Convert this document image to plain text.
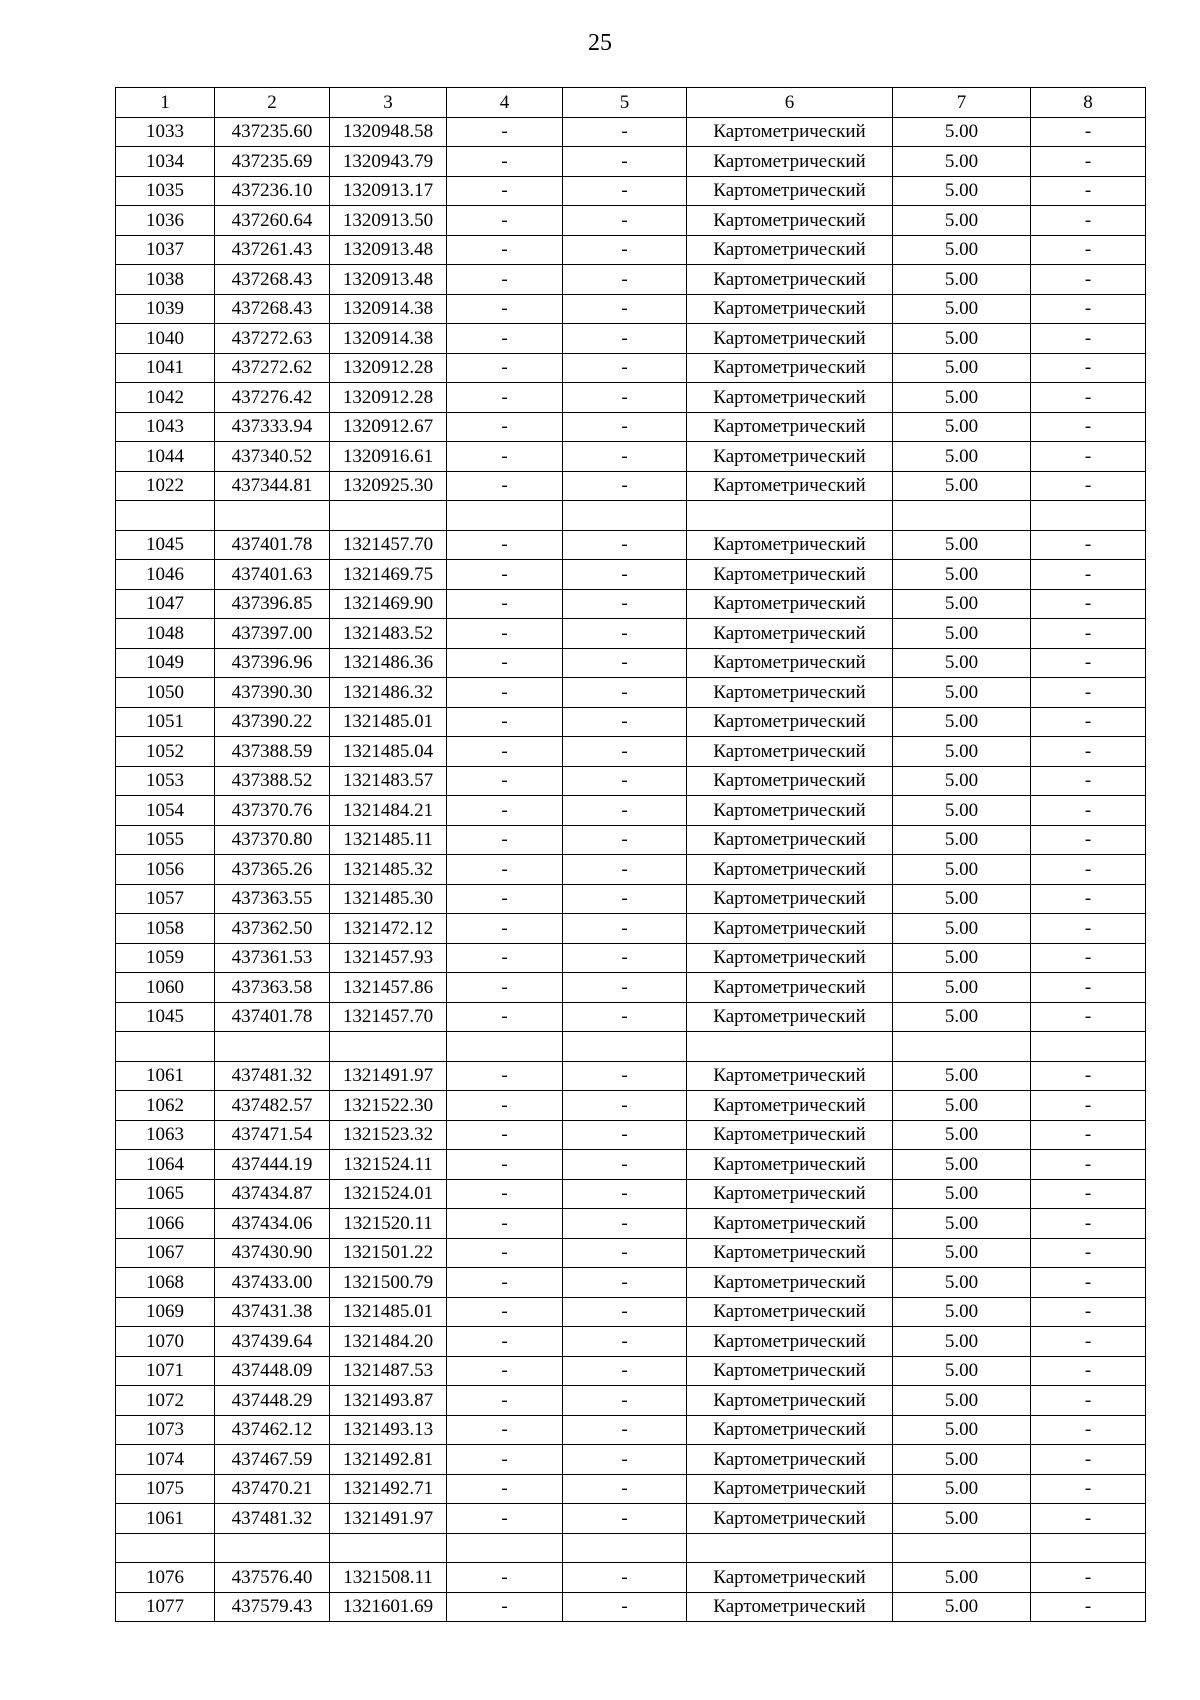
25
1	2	3	4	5	6	7	8
1033	437235.60	1320948.58	-	-	Картометрический	5.00	-
1034	437235.69	1320943.79	-	-	Картометрический	5.00	-
1035	437236.10	1320913.17	-	-	Картометрический	5.00	-
1036	437260.64	1320913.50	-	-	Картометрический	5.00	-
1037	437261.43	1320913.48	-	-	Картометрический	5.00	-
1038	437268.43	1320913.48	-	-	Картометрический	5.00	-
1039	437268.43	1320914.38	-	-	Картометрический	5.00	-
1040	437272.63	1320914.38	-	-	Картометрический	5.00	-
1041	437272.62	1320912.28	-	-	Картометрический	5.00	-
1042	437276.42	1320912.28	-	-	Картометрический	5.00	-
1043	437333.94	1320912.67	-	-	Картометрический	5.00	-
1044	437340.52	1320916.61	-	-	Картометрический	5.00	-
1022	437344.81	1320925.30	-	-	Картометрический	5.00	-

1045	437401.78	1321457.70	-	-	Картометрический	5.00	-
1046	437401.63	1321469.75	-	-	Картометрический	5.00	-
1047	437396.85	1321469.90	-	-	Картометрический	5.00	-
1048	437397.00	1321483.52	-	-	Картометрический	5.00	-
1049	437396.96	1321486.36	-	-	Картометрический	5.00	-
1050	437390.30	1321486.32	-	-	Картометрический	5.00	-
1051	437390.22	1321485.01	-	-	Картометрический	5.00	-
1052	437388.59	1321485.04	-	-	Картометрический	5.00	-
1053	437388.52	1321483.57	-	-	Картометрический	5.00	-
1054	437370.76	1321484.21	-	-	Картометрический	5.00	-
1055	437370.80	1321485.11	-	-	Картометрический	5.00	-
1056	437365.26	1321485.32	-	-	Картометрический	5.00	-
1057	437363.55	1321485.30	-	-	Картометрический	5.00	-
1058	437362.50	1321472.12	-	-	Картометрический	5.00	-
1059	437361.53	1321457.93	-	-	Картометрический	5.00	-
1060	437363.58	1321457.86	-	-	Картометрический	5.00	-
1045	437401.78	1321457.70	-	-	Картометрический	5.00	-

1061	437481.32	1321491.97	-	-	Картометрический	5.00	-
1062	437482.57	1321522.30	-	-	Картометрический	5.00	-
1063	437471.54	1321523.32	-	-	Картометрический	5.00	-
1064	437444.19	1321524.11	-	-	Картометрический	5.00	-
1065	437434.87	1321524.01	-	-	Картометрический	5.00	-
1066	437434.06	1321520.11	-	-	Картометрический	5.00	-
1067	437430.90	1321501.22	-	-	Картометрический	5.00	-
1068	437433.00	1321500.79	-	-	Картометрический	5.00	-
1069	437431.38	1321485.01	-	-	Картометрический	5.00	-
1070	437439.64	1321484.20	-	-	Картометрический	5.00	-
1071	437448.09	1321487.53	-	-	Картометрический	5.00	-
1072	437448.29	1321493.87	-	-	Картометрический	5.00	-
1073	437462.12	1321493.13	-	-	Картометрический	5.00	-
1074	437467.59	1321492.81	-	-	Картометрический	5.00	-
1075	437470.21	1321492.71	-	-	Картометрический	5.00	-
1061	437481.32	1321491.97	-	-	Картометрический	5.00	-

1076	437576.40	1321508.11	-	-	Картометрический	5.00	-
1077	437579.43	1321601.69	-	-	Картометрический	5.00	-
